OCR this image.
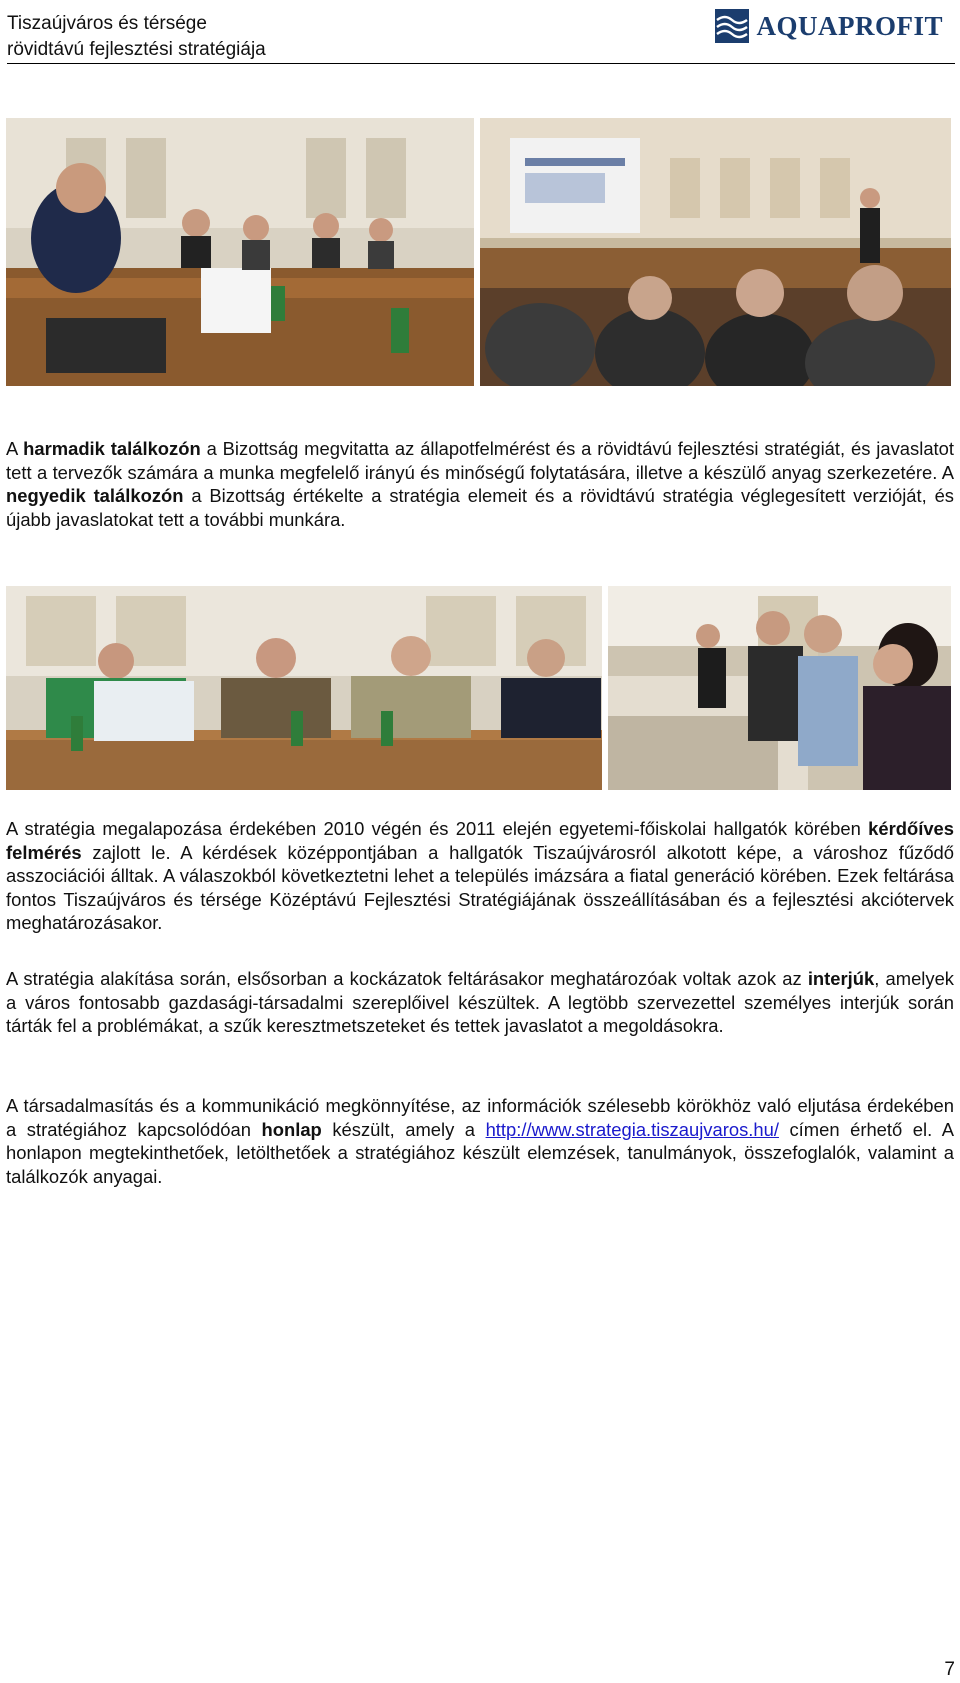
Tiszaújváros és térsége
rövidtávú fejlesztési stratégiája
AQUAPROFIT
A harmadik találkozón a Bizottság megvitatta az állapotfelmérést és a rövidtávú fejlesztési stratégiát, és javaslatot tett a tervezők számára a munka megfelelő irányú és minőségű folytatására, illetve a készülő anyag szerkezetére. A negyedik találkozón a Bizottság értékelte a stratégia elemeit és a rövidtávú stratégia véglegesített verzióját, és újabb javaslatokat tett a további munkára.
A stratégia megalapozása érdekében 2010 végén és 2011 elején egyetemi-főiskolai hallgatók körében kérdőíves felmérés zajlott le. A kérdések középpontjában a hallgatók Tiszaújvárosról alkotott képe, a városhoz fűződő asszociációi álltak. A válaszokból következtetni lehet a település imázsára a fiatal generáció körében. Ezek feltárása fontos Tiszaújváros és térsége Középtávú Fejlesztési Stratégiájának összeállításában és a fejlesztési akciótervek meghatározásakor.
A stratégia alakítása során, elsősorban a kockázatok feltárásakor meghatározóak voltak azok az interjúk, amelyek a város fontosabb gazdasági-társadalmi szereplőivel készültek. A legtöbb szervezettel személyes interjúk során tárták fel a problémákat, a szűk keresztmetszeteket és tettek javaslatot a megoldásokra.
A társadalmasítás és a kommunikáció megkönnyítése, az információk szélesebb körökhöz való eljutása érdekében a stratégiához kapcsolódóan honlap készült, amely a http://www.strategia.tiszaujvaros.hu/ címen érhető el. A honlapon megtekinthetőek, letölthetőek a stratégiához készült elemzések, tanulmányok, összefoglalók, valamint a találkozók anyagai.
7
